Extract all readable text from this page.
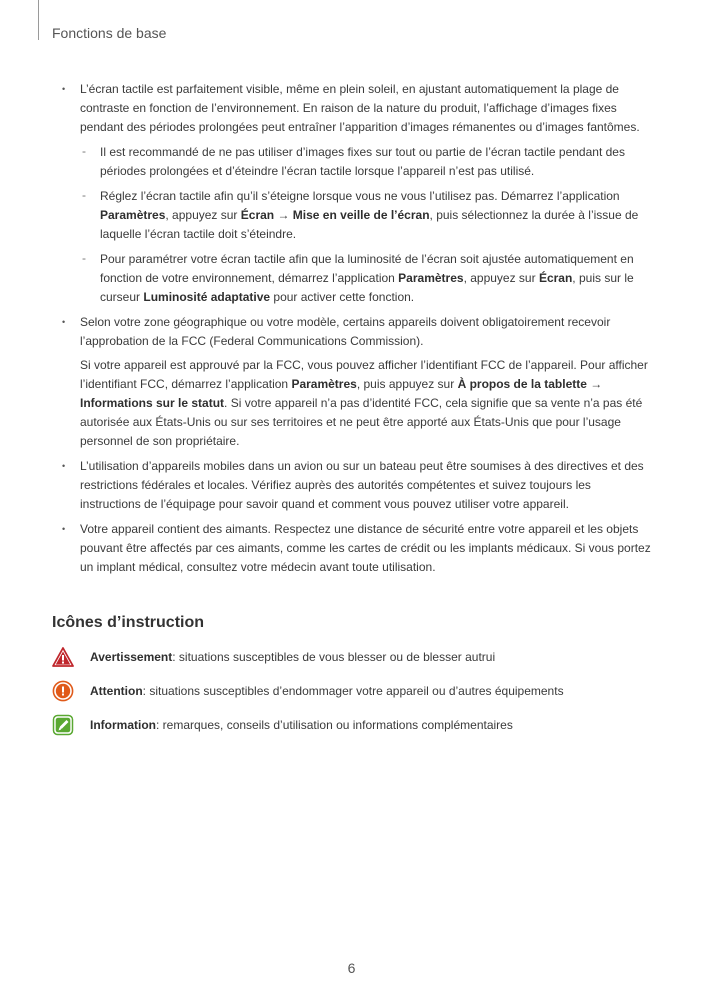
Fonctions de base

• L’écran tactile est parfaitement visible, même en plein soleil, en ajustant automatiquement la plage de contraste en fonction de l’environnement. En raison de la nature du produit, l’affichage d’images fixes pendant des périodes prolongées peut entraîner l’apparition d’images rémanentes ou d’images fantômes.

- Il est recommandé de ne pas utiliser d’images fixes sur tout ou partie de l’écran tactile pendant des périodes prolongées et d’éteindre l’écran tactile lorsque l’appareil n’est pas utilisé.
- Réglez l’écran tactile afin qu’il s’éteigne lorsque vous ne vous l’utilisez pas. Démarrez l’application Paramètres, appuyez sur Écran → Mise en veille de l’écran, puis sélectionnez la durée à l’issue de laquelle l’écran tactile doit s’éteindre.
- Pour paramétrer votre écran tactile afin que la luminosité de l’écran soit ajustée automatiquement en fonction de votre environnement, démarrez l’application Paramètres, appuyez sur Écran, puis sur le curseur Luminosité adaptative pour activer cette fonction.

• Selon votre zone géographique ou votre modèle, certains appareils doivent obligatoirement recevoir l’approbation de la FCC (Federal Communications Commission).

Si votre appareil est approuvé par la FCC, vous pouvez afficher l’identifiant FCC de l’appareil. Pour afficher l’identifiant FCC, démarrez l’application Paramètres, puis appuyez sur À propos de la tablette → Informations sur le statut. Si votre appareil n’a pas d’identité FCC, cela signifie que sa vente n’a pas été autorisée aux États-Unis ou sur ses territoires et ne peut être apporté aux États-Unis que pour l’usage personnel de son propriétaire.

• L’utilisation d’appareils mobiles dans un avion ou sur un bateau peut être soumises à des directives et des restrictions fédérales et locales. Vérifiez auprès des autorités compétentes et suivez toujours les instructions de l’équipage pour savoir quand et comment vous pouvez utiliser votre appareil.

• Votre appareil contient des aimants. Respectez une distance de sécurité entre votre appareil et les objets pouvant être affectés par ces aimants, comme les cartes de crédit ou les implants médicaux. Si vous portez un implant médical, consultez votre médecin avant toute utilisation.

Icônes d’instruction
Avertissement : situations susceptibles de vous blesser ou de blesser autrui
Attention : situations susceptibles d’endommager votre appareil ou d’autres équipements
Information : remarques, conseils d’utilisation ou informations complémentaires
6
